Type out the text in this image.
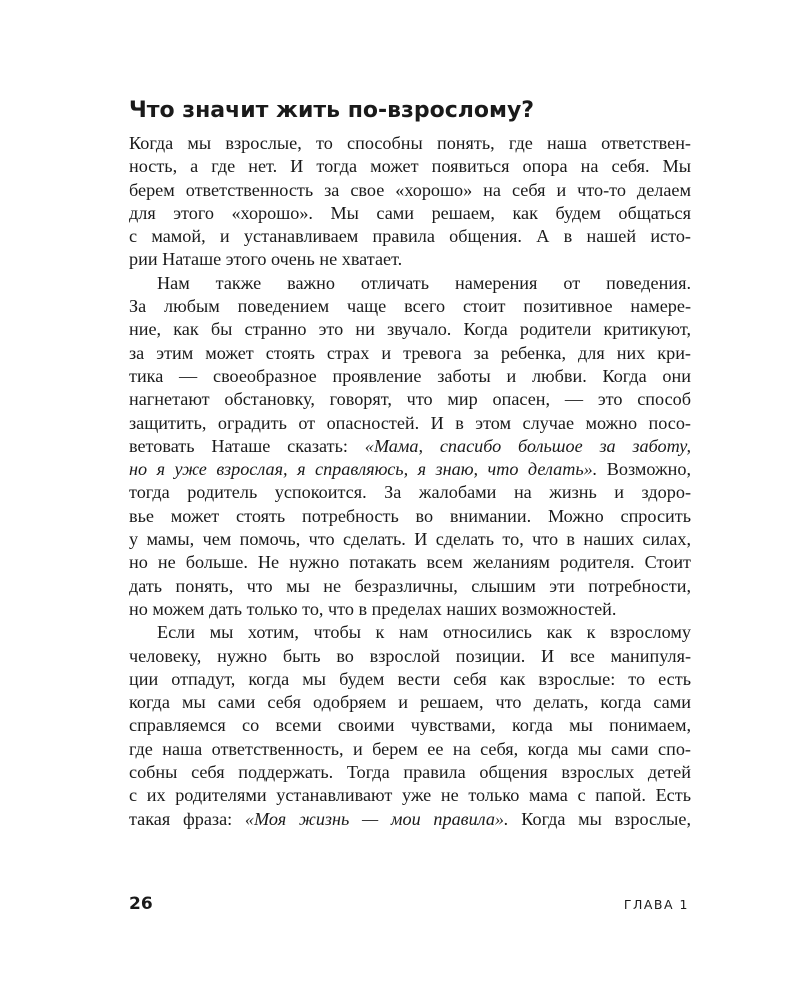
Что значит жить по-взрослому?
Когда мы взрослые, то способны понять, где наша ответствен-
ность, а где нет. И тогда может появиться опора на себя. Мы
берем ответственность за свое «хорошо» на себя и что-то делаем
для этого «хорошо». Мы сами решаем, как будем общаться
с мамой, и устанавливаем правила общения. А в нашей исто-
рии Наташе этого очень не хватает.
Нам также важно отличать намерения от поведения.
За любым поведением чаще всего стоит позитивное намере-
ние, как бы странно это ни звучало. Когда родители критикуют,
за этим может стоять страх и тревога за ребенка, для них кри-
тика — своеобразное проявление заботы и любви. Когда они
нагнетают обстановку, говорят, что мир опасен, — это способ
защитить, оградить от опасностей. И в этом случае можно посо-
ветовать Наташе сказать: «Мама, спасибо большое за заботу,
но я уже взрослая, я справляюсь, я знаю, что делать». Возможно,
тогда родитель успокоится. За жалобами на жизнь и здоро-
вье может стоять потребность во внимании. Можно спросить
у мамы, чем помочь, что сделать. И сделать то, что в наших силах,
но не больше. Не нужно потакать всем желаниям родителя. Стоит
дать понять, что мы не безразличны, слышим эти потребности,
но можем дать только то, что в пределах наших возможностей.
Если мы хотим, чтобы к нам относились как к взрослому
человеку, нужно быть во взрослой позиции. И все манипуля-
ции отпадут, когда мы будем вести себя как взрослые: то есть
когда мы сами себя одобряем и решаем, что делать, когда сами
справляемся со всеми своими чувствами, когда мы понимаем,
где наша ответственность, и берем ее на себя, когда мы сами спо-
собны себя поддержать. Тогда правила общения взрослых детей
с их родителями устанавливают уже не только мама с папой. Есть
такая фраза: «Моя жизнь — мои правила». Когда мы взрослые,
26	ГЛАВА 1
